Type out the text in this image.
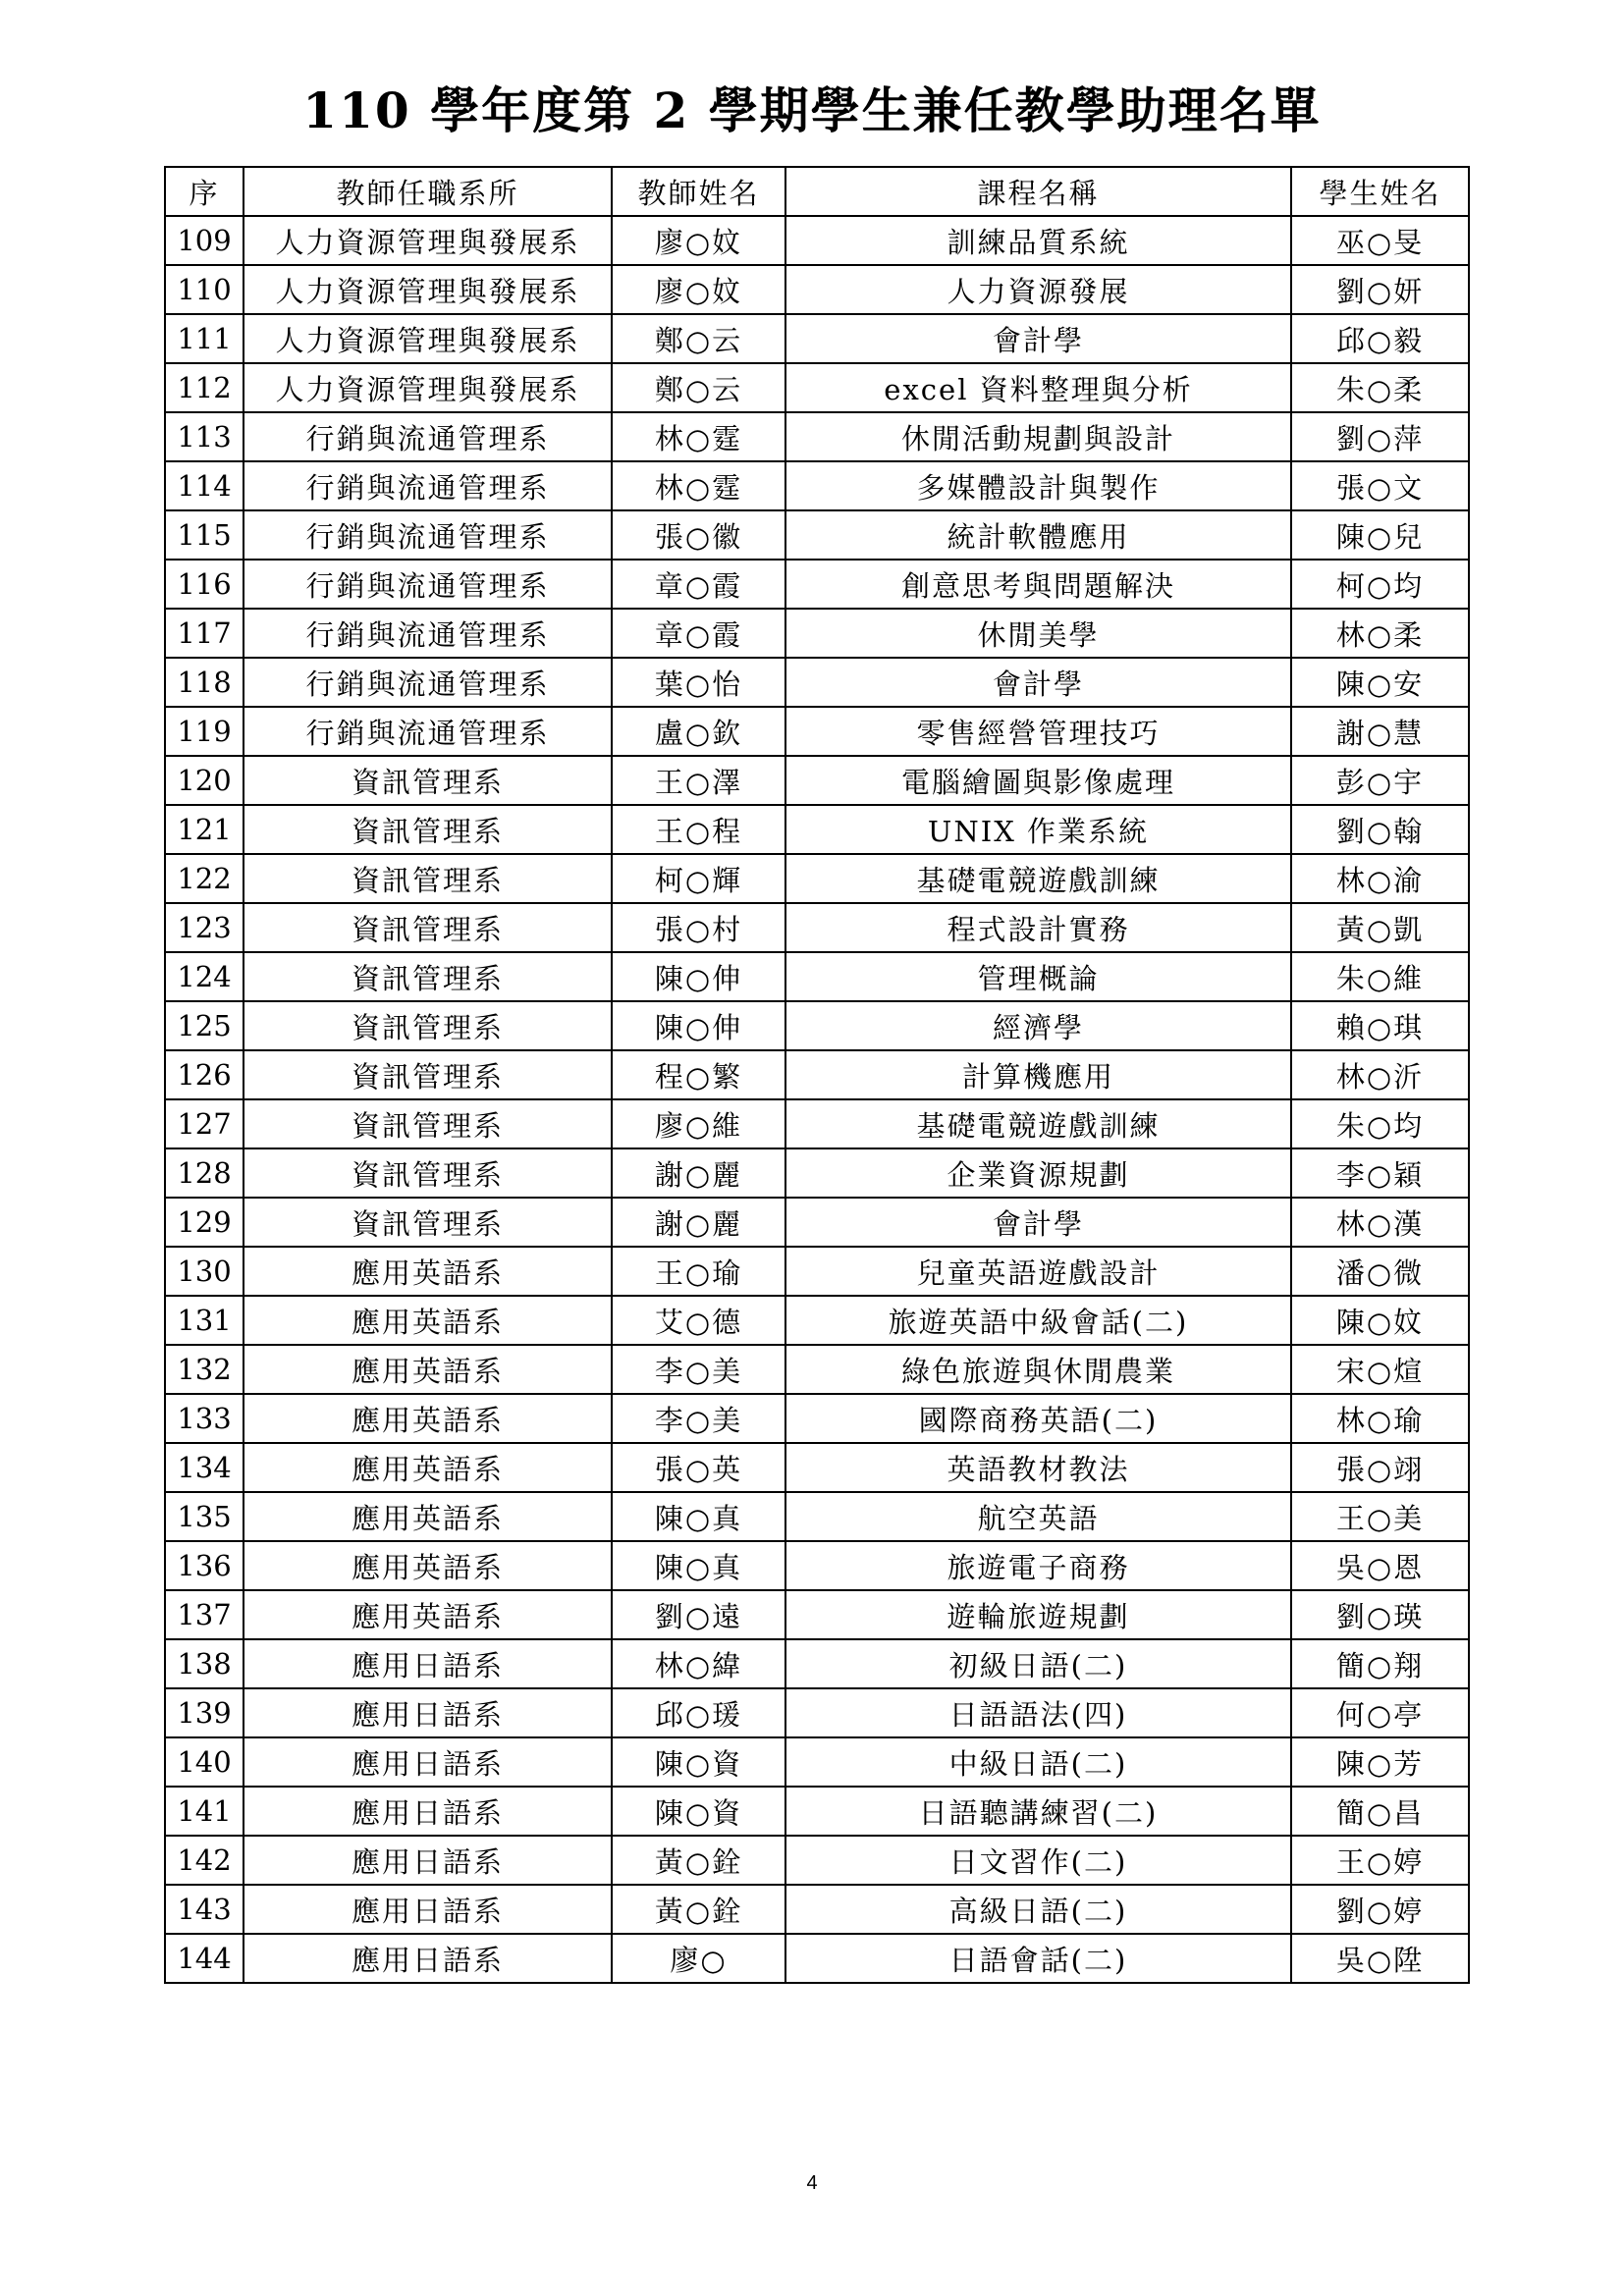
110 學年度第 2 學期學生兼任教學助理名單
序	教師任職系所	教師姓名	課程名稱	學生姓名
109	人力資源管理與發展系	廖○妏	訓練品質系統	巫○旻
110	人力資源管理與發展系	廖○妏	人力資源發展	劉○妍
111	人力資源管理與發展系	鄭○云	會計學	邱○毅
112	人力資源管理與發展系	鄭○云	excel 資料整理與分析	朱○柔
113	行銷與流通管理系	林○霆	休閒活動規劃與設計	劉○萍
114	行銷與流通管理系	林○霆	多媒體設計與製作	張○文
115	行銷與流通管理系	張○徽	統計軟體應用	陳○兒
116	行銷與流通管理系	章○霞	創意思考與問題解決	柯○均
117	行銷與流通管理系	章○霞	休閒美學	林○柔
118	行銷與流通管理系	葉○怡	會計學	陳○安
119	行銷與流通管理系	盧○欽	零售經營管理技巧	謝○慧
120	資訊管理系	王○澤	電腦繪圖與影像處理	彭○宇
121	資訊管理系	王○程	UNIX 作業系統	劉○翰
122	資訊管理系	柯○輝	基礎電競遊戲訓練	林○渝
123	資訊管理系	張○村	程式設計實務	黃○凱
124	資訊管理系	陳○伸	管理概論	朱○維
125	資訊管理系	陳○伸	經濟學	賴○琪
126	資訊管理系	程○繁	計算機應用	林○沂
127	資訊管理系	廖○維	基礎電競遊戲訓練	朱○均
128	資訊管理系	謝○麗	企業資源規劃	李○穎
129	資訊管理系	謝○麗	會計學	林○漢
130	應用英語系	王○瑜	兒童英語遊戲設計	潘○微
131	應用英語系	艾○德	旅遊英語中級會話(二)	陳○妏
132	應用英語系	李○美	綠色旅遊與休閒農業	宋○煊
133	應用英語系	李○美	國際商務英語(二)	林○瑜
134	應用英語系	張○英	英語教材教法	張○翊
135	應用英語系	陳○真	航空英語	王○美
136	應用英語系	陳○真	旅遊電子商務	吳○恩
137	應用英語系	劉○遠	遊輪旅遊規劃	劉○瑛
138	應用日語系	林○緯	初級日語(二)	簡○翔
139	應用日語系	邱○瑗	日語語法(四)	何○亭
140	應用日語系	陳○資	中級日語(二)	陳○芳
141	應用日語系	陳○資	日語聽講練習(二)	簡○昌
142	應用日語系	黃○銓	日文習作(二)	王○婷
143	應用日語系	黃○銓	高級日語(二)	劉○婷
144	應用日語系	廖○	日語會話(二)	吳○陞
4
